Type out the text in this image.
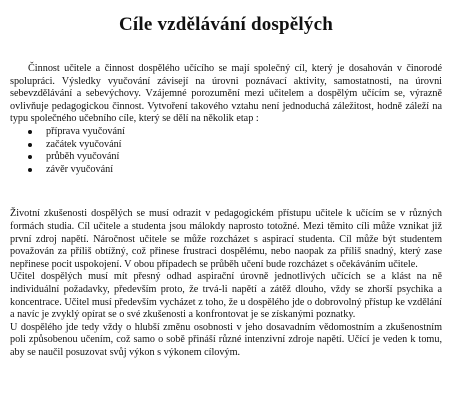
Cíle vzdělávání dospělých

Činnost učitele a činnost dospělého učícího se mají společný cíl, který je dosahován v činorodé spolupráci. Výsledky vyučování závisejí na úrovni poznávací aktivity, samostatnosti, na úrovni sebevzdělávání a sebevýchovy. Vzájemné porozumění mezi učitelem a dospělým učícím se, výrazně ovlivňuje pedagogickou činnost. Vytvoření takového vztahu není jednoduchá záležitost, hodně záleží na typu společného učebního cíle, který se dělí na několik etap :

příprava vyučování
začátek vyučování
průběh vyučování
závěr vyučování

Životní zkušenosti dospělých se musí odrazit v pedagogickém přístupu učitele k učícím se v různých formách studia. Cíl učitele a studenta jsou málokdy naprosto totožné. Mezi těmito cíli může vznikat již první zdroj napětí. Náročnost učitele se může rozcházet s aspirací studenta. Cíl může být studentem považován za příliš obtížný, což přinese frustraci dospělému, nebo naopak za příliš snadný, který zase nepřinese pocit uspokojení. V obou případech se průběh učení bude rozcházet s očekáváním učitele.

Učitel dospělých musí mít přesný odhad aspirační úrovně jednotlivých učících se a klást na ně individuální požadavky, především proto, že trvá-li napětí a zátěž dlouho, vždy se zhorší psychika a koncentrace. Učitel musí především vycházet z toho, že u dospělého jde o dobrovolný přístup ke vzdělání a navíc je zvyklý opírat se o své zkušenosti a konfrontovat je se získanými poznatky.

U dospělého jde tedy vždy o hlubší změnu osobnosti v jeho dosavadním vědomostním a zkušenostním poli způsobenou učením, což samo o sobě přináší různé intenzivní zdroje napětí. Učící je veden k tomu, aby se naučil posuzovat svůj výkon s výkonem cílovým.
